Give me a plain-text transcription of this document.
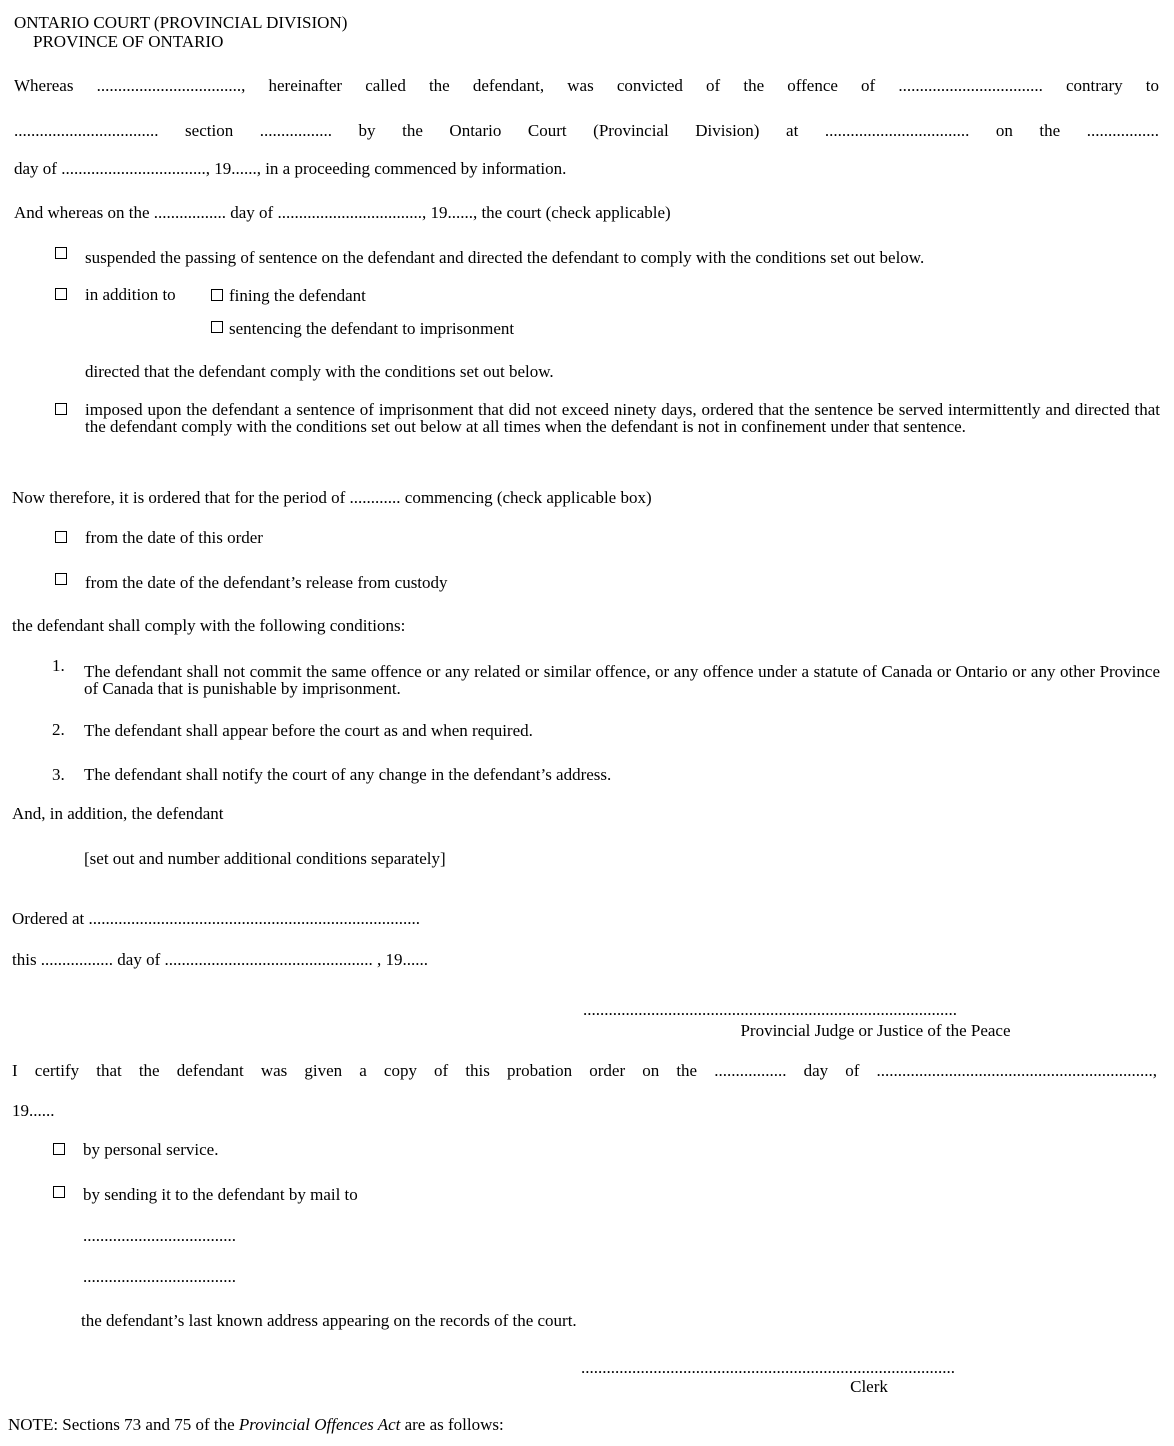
ONTARIO COURT (PROVINCIAL DIVISION)
PROVINCE OF ONTARIO
Whereas .................................., hereinafter called the defendant, was convicted of the offence of .................................. contrary to
.................................. section ................. by the Ontario Court (Provincial Division) at .................................. on the .................
day of .................................., 19......, in a proceeding commenced by information.
And whereas on the ................. day of .................................., 19......, the court (check applicable)
suspended the passing of sentence on the defendant and directed the defendant to comply with the conditions set out below.
in addition to	fining the defendant
sentencing the defendant to imprisonment
directed that the defendant comply with the conditions set out below.
imposed upon the defendant a sentence of imprisonment that did not exceed ninety days, ordered that the sentence be served intermittently and directed that the defendant comply with the conditions set out below at all times when the defendant is not in confinement under that sentence.
Now therefore, it is ordered that for the period of ............ commencing (check applicable box)
from the date of this order
from the date of the defendant’s release from custody
the defendant shall comply with the following conditions:
1. The defendant shall not commit the same offence or any related or similar offence, or any offence under a statute of Canada or Ontario or any other Province of Canada that is punishable by imprisonment.
2. The defendant shall appear before the court as and when required.
3. The defendant shall notify the court of any change in the defendant’s address.
And, in addition, the defendant
[set out and number additional conditions separately]
Ordered at ..............................................................................
this ................. day of ................................................. , 19......
........................................................................................
Provincial Judge or Justice of the Peace
I certify that the defendant was given a copy of this probation order on the ................. day of .................................................................,
19......
by personal service.
by sending it to the defendant by mail to
....................................
....................................
the defendant’s last known address appearing on the records of the court.
........................................................................................
Clerk
NOTE: Sections 73 and 75 of the Provincial Offences Act are as follows:
